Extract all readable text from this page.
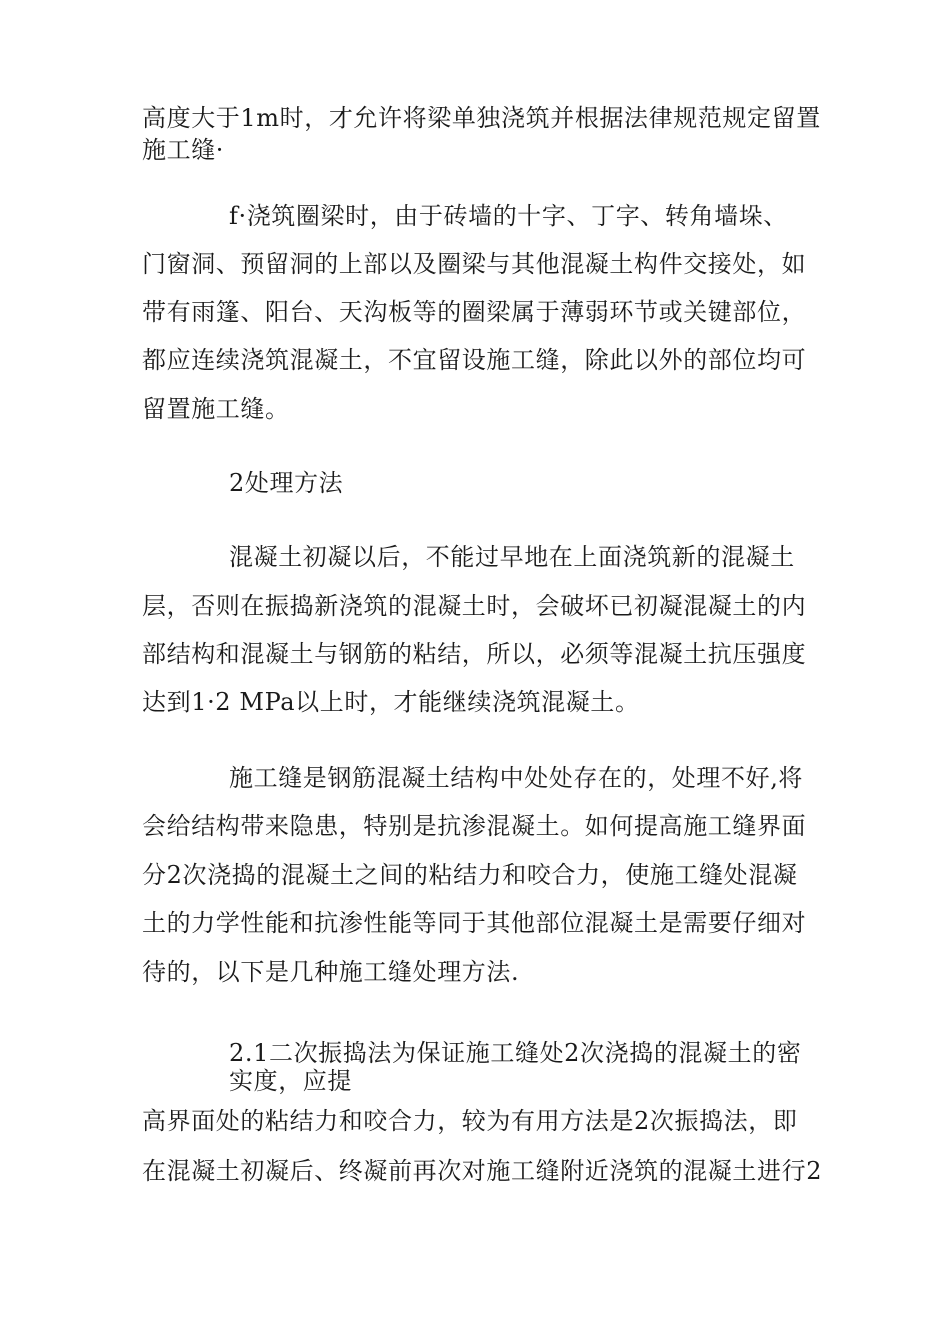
高度大于1m时，才允许将梁单独浇筑并根据法律规范规定留置
施工缝·
f·浇筑圈梁时，由于砖墙的十字、丁字、转角墙垛、
门窗洞、预留洞的上部以及圈梁与其他混凝土构件交接处，如
带有雨篷、阳台、天沟板等的圈梁属于薄弱环节或关键部位，
都应连续浇筑混凝土，不宜留设施工缝，除此以外的部位均可
留置施工缝。
2处理方法
混凝土初凝以后，不能过早地在上面浇筑新的混凝土
层，否则在振捣新浇筑的混凝土时，会破坏已初凝混凝土的内
部结构和混凝土与钢筋的粘结，所以，必须等混凝土抗压强度
达到1·2 MPa以上时，才能继续浇筑混凝土。
施工缝是钢筋混凝土结构中处处存在的，处理不好,将
会给结构带来隐患，特别是抗渗混凝土。如何提高施工缝界面
分2次浇捣的混凝土之间的粘结力和咬合力，使施工缝处混凝
土的力学性能和抗渗性能等同于其他部位混凝土是需要仔细对
待的，以下是几种施工缝处理方法.
2.1二次振捣法为保证施工缝处2次浇捣的混凝土的密
实度，应提
高界面处的粘结力和咬合力，较为有用方法是2次振捣法，即
在混凝土初凝后、终凝前再次对施工缝附近浇筑的混凝土进行2
